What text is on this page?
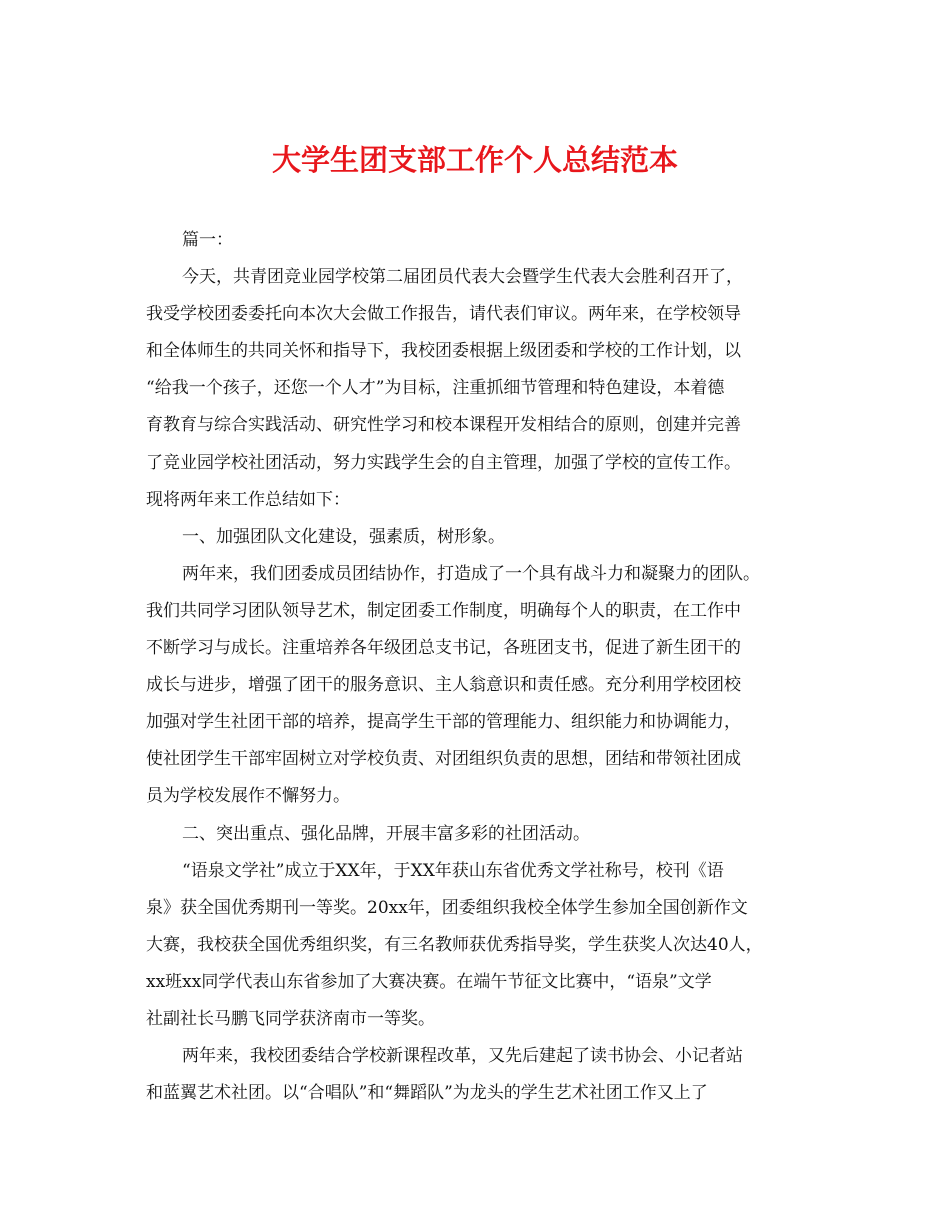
大学生团支部工作个人总结范本
篇一：
今天，共青团竞业园学校第二届团员代表大会暨学生代表大会胜利召开了，
我受学校团委委托向本次大会做工作报告，请代表们审议。两年来，在学校领导
和全体师生的共同关怀和指导下，我校团委根据上级团委和学校的工作计划，以
“给我一个孩子，还您一个人才”为目标，注重抓细节管理和特色建设，本着德
育教育与综合实践活动、研究性学习和校本课程开发相结合的原则，创建并完善
了竞业园学校社团活动，努力实践学生会的自主管理，加强了学校的宣传工作。
现将两年来工作总结如下：
一、加强团队文化建设，强素质，树形象。
两年来，我们团委成员团结协作，打造成了一个具有战斗力和凝聚力的团队。
我们共同学习团队领导艺术，制定团委工作制度，明确每个人的职责，在工作中
不断学习与成长。注重培养各年级团总支书记，各班团支书，促进了新生团干的
成长与进步，增强了团干的服务意识、主人翁意识和责任感。充分利用学校团校
加强对学生社团干部的培养，提高学生干部的管理能力、组织能力和协调能力，
使社团学生干部牢固树立对学校负责、对团组织负责的思想，团结和带领社团成
员为学校发展作不懈努力。
二、突出重点、强化品牌，开展丰富多彩的社团活动。
“语泉文学社”成立于XX年，于XX年获山东省优秀文学社称号，校刊《语
泉》获全国优秀期刊一等奖。20xx年，团委组织我校全体学生参加全国创新作文
大赛，我校获全国优秀组织奖，有三名教师获优秀指导奖，学生获奖人次达40人，
xx班xx同学代表山东省参加了大赛决赛。在端午节征文比赛中，“语泉”文学
社副社长马鹏飞同学获济南市一等奖。
两年来，我校团委结合学校新课程改革，又先后建起了读书协会、小记者站
和蓝翼艺术社团。以“合唱队”和“舞蹈队”为龙头的学生艺术社团工作又上了
